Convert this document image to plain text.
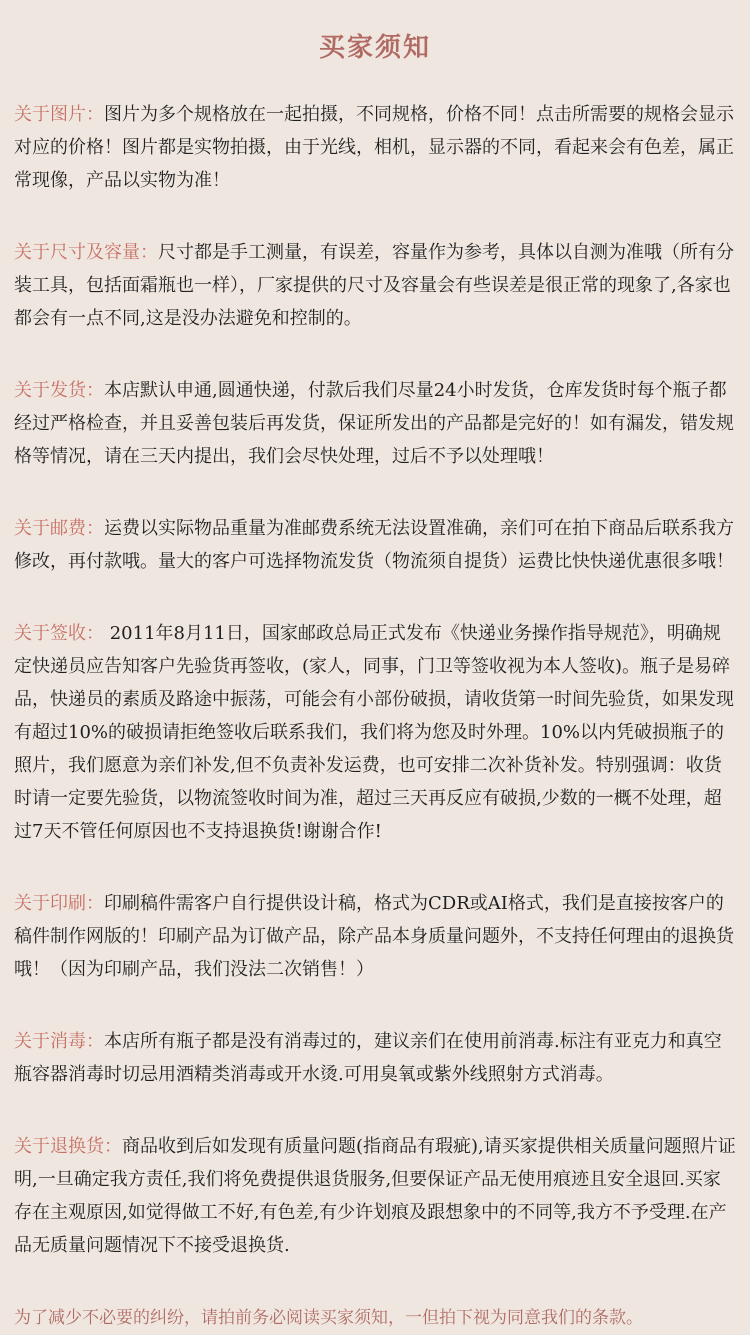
买家须知
关于图片：图片为多个规格放在一起拍摄，不同规格，价格不同！点击所需要的规格会显示对应的价格！图片都是实物拍摄，由于光线，相机，显示器的不同，看起来会有色差，属正常现像，产品以实物为准！
关于尺寸及容量：尺寸都是手工测量，有误差，容量作为参考，具体以自测为准哦（所有分装工具，包括面霜瓶也一样），厂家提供的尺寸及容量会有些误差是很正常的现象了,各家也都会有一点不同,这是没办法避免和控制的。
关于发货：本店默认申通,圆通快递，付款后我们尽量24小时发货，仓库发货时每个瓶子都经过严格检查，并且妥善包装后再发货，保证所发出的产品都是完好的！如有漏发，错发规格等情况，请在三天内提出，我们会尽快处理，过后不予以处理哦！
关于邮费：运费以实际物品重量为准邮费系统无法设置准确，亲们可在拍下商品后联系我方修改，再付款哦。量大的客户可选择物流发货（物流须自提货）运费比快快递优惠很多哦！
关于签收： 2011年8月11日，国家邮政总局正式发布《快递业务操作指导规范》，明确规定快递员应告知客户先验货再签收，(家人，同事，门卫等签收视为本人签收)。瓶子是易碎品，快递员的素质及路途中振荡，可能会有小部份破损，请收货第一时间先验货，如果发现有超过10%的破损请拒绝签收后联系我们，我们将为您及时外理。10%以内凭破损瓶子的照片，我们愿意为亲们补发,但不负责补发运费，也可安排二次补货补发。特别强调：收货时请一定要先验货，以物流签收时间为准，超过三天再反应有破损,少数的一概不处理，超过7天不管任何原因也不支持退换货!谢谢合作!
关于印刷：印刷稿件需客户自行提供设计稿，格式为CDR或AI格式，我们是直接按客户的稿件制作网版的！印刷产品为订做产品，除产品本身质量问题外，不支持任何理由的退换货哦！（因为印刷产品，我们没法二次销售！）
关于消毒：本店所有瓶子都是没有消毒过的，建议亲们在使用前消毒.标注有亚克力和真空瓶容器消毒时切忌用酒精类消毒或开水烫.可用臭氧或紫外线照射方式消毒。
关于退换货：商品收到后如发现有质量问题(指商品有瑕疵),请买家提供相关质量问题照片证明,一旦确定我方责任,我们将免费提供退货服务,但要保证产品无使用痕迹且安全退回.买家存在主观原因,如觉得做工不好,有色差,有少许划痕及跟想象中的不同等,我方不予受理.在产品无质量问题情况下不接受退换货.
为了减少不必要的纠纷，请拍前务必阅读买家须知，一但拍下视为同意我们的条款。
